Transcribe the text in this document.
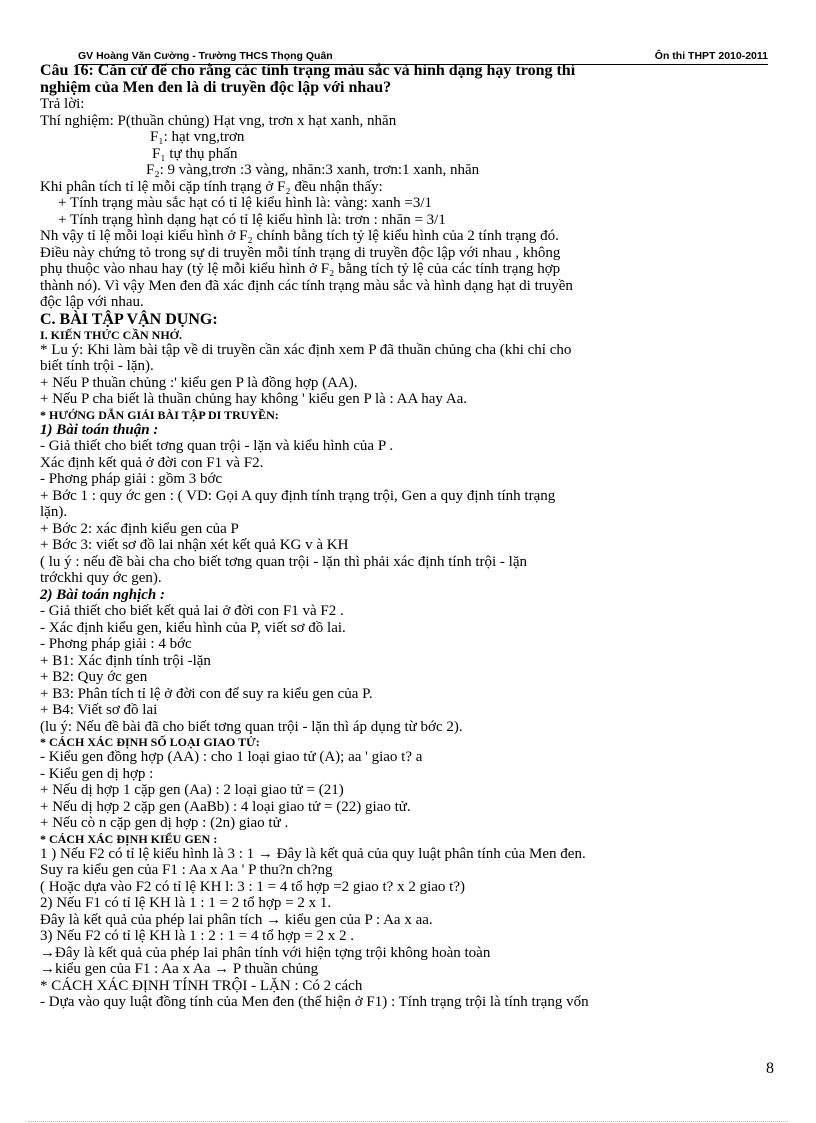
GV Hoàng Văn Cường - Trường THCS Thọng Quân	Ôn thi THPT 2010-2011
Câu 16: Căn cứ để cho rằng các tính trạng màu sắc và hình dạng hạy trong thí
nghiệm của Men đen là di truyền độc lập với nhau?
Trả lời:
Thí nghiệm: P(thuần chủng) Hạt vng, trơn x hạt xanh, nhăn
F₁: hạt vng,trơn
F₁ tự thụ phấn
F₂: 9 vàng,trơn :3 vàng, nhăn:3 xanh, trơn:1 xanh, nhăn
Khi phân tích tỉ lệ mỗi cặp tính trạng ở F₂ đều nhận thấy:
+ Tính trạng màu sắc hạt có tỉ lệ kiểu hình là: vàng: xanh =3/1
+ Tính trạng hình dạng hạt có tỉ lệ kiểu hình là: trơn : nhăn = 3/1
Nh vậy tỉ lệ mỗi loại kiểu hình ở F₂ chính bằng tích tỷ lệ kiểu hình của 2 tính trạng đó.
Điều này chứng tỏ trong sự di truyền mỗi tính trạng di truyền độc lập với nhau , không
phụ thuộc vào nhau hay (tỷ lệ mỗi kiểu hình ở F₂ bằng tích tỷ lệ của các tính trạng hợp
thành nó). Vì vậy Men đen đã xác định các tính trạng màu sắc và hình dạng hạt di truyền
độc lập với nhau.
C. BÀI TẬP VẬN DỤNG:
I. KIẾN THỨC CẦN NHỚ.
* Lu ý: Khi làm bài tập về di truyền cần xác định xem P đã thuần chủng cha (khi chỉ cho
biết tính trội - lặn).
+ Nếu P thuần chủng :' kiểu gen P là đồng hợp (AA).
+ Nếu P cha biết là thuần chủng hay không ' kiểu gen P là : AA hay Aa.
* HƯỚNG DẪN GIẢI BÀI TẬP DI TRUYỀN:
1) Bài toán thuận :
- Giả thiết cho biết tơng quan trội - lặn và kiểu hình của P .
Xác định kết quả ở đời con F1 và F2.
- Phơng pháp giải : gồm 3 bớc
+ Bớc 1 : quy ớc gen : ( VD: Gọi A quy định tính trạng trội, Gen a quy định tính trạng
lặn).
+ Bớc 2: xác định kiểu gen của P
+ Bớc 3: viết sơ đồ lai nhận xét kết quả KG v à KH
( lu ý : nếu đề bài cha cho biết tơng quan trội - lặn thì phải xác định tính trội - lặn
trớckhi quy ớc gen).
2) Bài toán nghịch :
- Giả thiết cho biết kết quả lai ở đời con F1 và F2 .
- Xác định kiểu gen, kiểu hình của P, viết sơ đồ lai.
- Phơng pháp giải : 4 bớc
+ B1: Xác định tính trội -lặn
+ B2: Quy ớc gen
+ B3: Phân tích tỉ lệ ở đời con để suy ra kiểu gen của P.
+ B4: Viết sơ đồ lai
(lu ý: Nếu đề bài đã cho biết tơng quan trội - lặn thì áp dụng từ bớc 2).
* CÁCH XÁC ĐỊNH SỐ LOẠI GIAO TỬ:
- Kiểu gen đồng hợp (AA) : cho 1 loại giao tử (A); aa ' giao t? a
- Kiểu gen dị hợp :
+ Nếu dị hợp 1 cặp gen (Aa) : 2 loại giao tử = (21)
+ Nếu dị hợp 2 cặp gen (AaBb) : 4 loại giao tử = (22) giao tử.
+ Nếu cò n cặp gen dị hợp : (2n) giao tử .
* CÁCH XÁC ĐỊNH KIỂU GEN :
1 ) Nếu F2 có tỉ lệ kiểu hình là 3 : 1 → Đây là kết quả của quy luật phân tính của Men đen.
Suy ra kiểu gen của F1 : Aa x Aa ' P thu?n ch?ng
( Hoặc dựa vào F2 có tỉ lệ KH l: 3 : 1 = 4 tổ hợp =2 giao t? x 2 giao t?)
2) Nếu F1 có tỉ lệ KH là 1 : 1 = 2 tổ hợp = 2 x 1.
Đây là kết quả của phép lai phân tích → kiểu gen của P : Aa x aa.
3) Nếu F2 có tỉ lệ KH là 1 : 2 : 1 = 4 tổ hợp = 2 x 2 .
→Đây là kết quả của phép lai phân tính với hiện tợng trội không hoàn toàn
→kiểu gen của F1 : Aa x Aa → P thuần chủng
* CÁCH XÁC ĐỊNH TÍNH TRỘI - LẶN : Có 2 cách
- Dựa vào quy luật đồng tính của Men đen (thể hiện ở F1) : Tính trạng trội là tính trạng vốn
8
